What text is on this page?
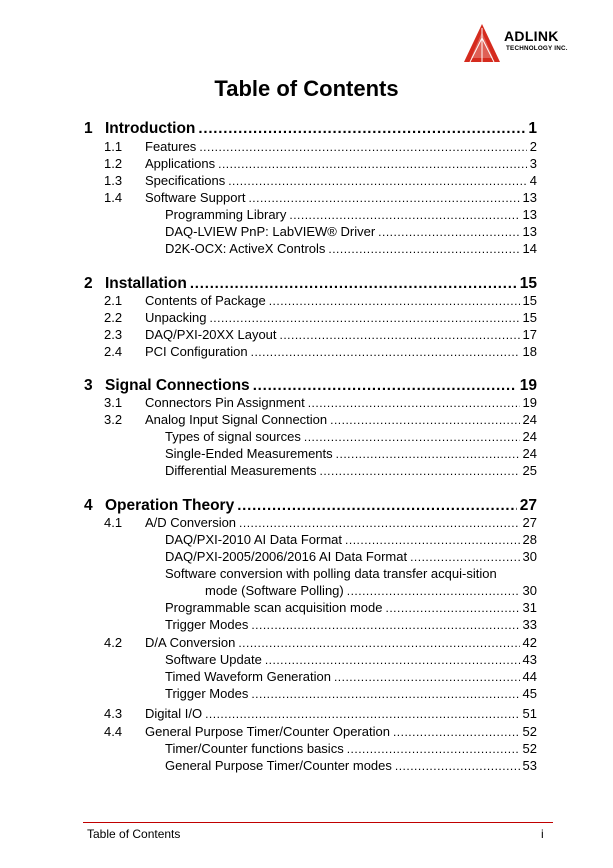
ADLINK
TECHNOLOGY INC.
Table of Contents
1 Introduction .....	1
1.1 Features .....	2
1.2 Applications .....	3
1.3 Specifications .....	4
1.4 Software Support .....	13
Programming Library .....	13
DAQ-LVIEW PnP: LabVIEW® Driver .....	13
D2K-OCX: ActiveX Controls .....	14
2 Installation .....	15
2.1 Contents of Package .....	15
2.2 Unpacking .....	15
2.3 DAQ/PXI-20XX Layout .....	17
2.4 PCI Configuration .....	18
3 Signal Connections .....	19
3.1 Connectors Pin Assignment .....	19
3.2 Analog Input Signal Connection .....	24
Types of signal sources .....	24
Single-Ended Measurements .....	24
Differential Measurements .....	25
4 Operation Theory .....	27
4.1 A/D Conversion .....	27
DAQ/PXI-2010 AI Data Format .....	28
DAQ/PXI-2005/2006/2016 AI Data Format .....	30
Software conversion with polling data transfer acqui-sition
mode (Software Polling) .....	30
Programmable scan acquisition mode .....	31
Trigger Modes .....	33
4.2 D/A Conversion .....	42
Software Update .....	43
Timed Waveform Generation .....	44
Trigger Modes .....	45
4.3 Digital I/O .....	51
4.4 General Purpose Timer/Counter Operation .....	52
Timer/Counter functions basics .....	52
General Purpose Timer/Counter modes .....	53
Table of Contents	i
